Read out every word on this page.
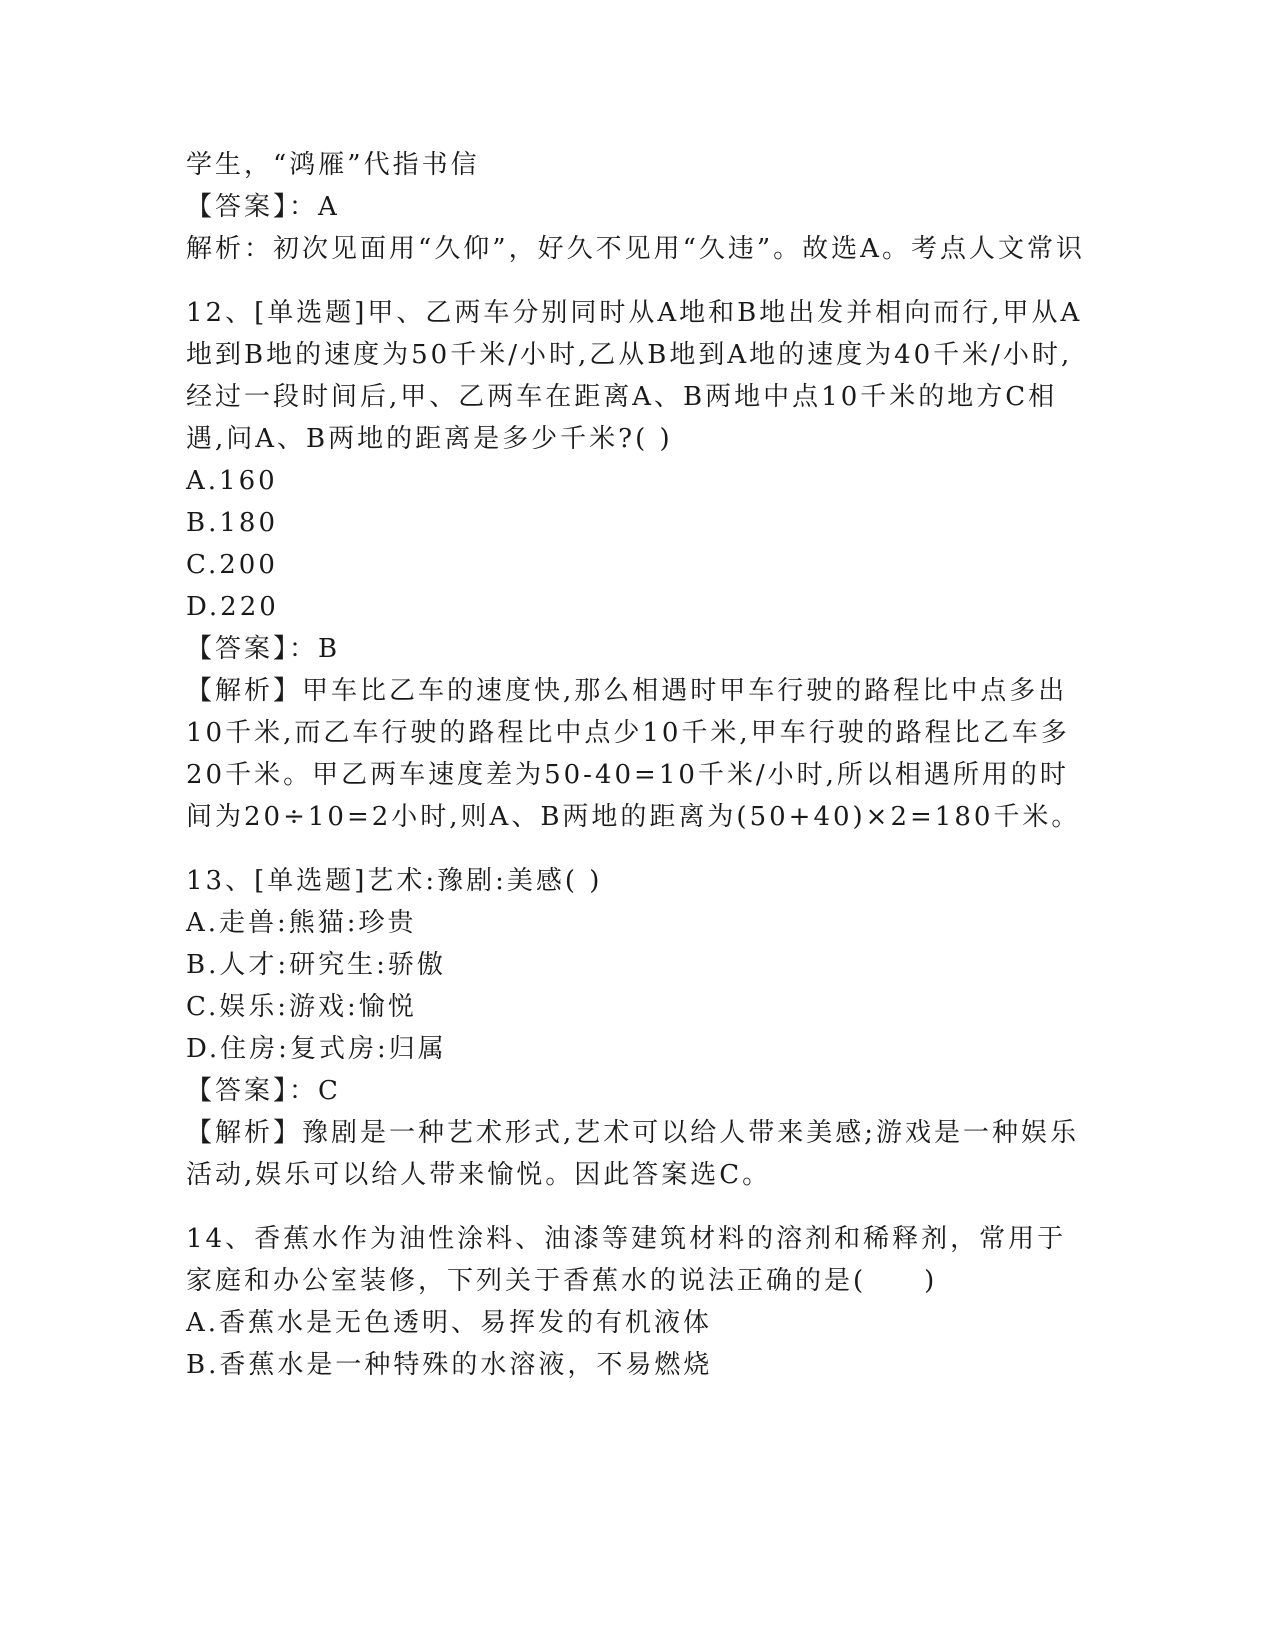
学生，“鸿雁”代指书信

【答案】：A

解析：初次见面用“久仰”，好久不见用“久违”。故选A。考点人文常识

12、[单选题]甲、乙两车分别同时从A地和B地出发并相向而行,甲从A地到B地的速度为50千米/小时,乙从B地到A地的速度为40千米/小时,经过一段时间后,甲、乙两车在距离A、B两地中点10千米的地方C相遇,问A、B两地的距离是多少千米?( )

A.160

B.180

C.200

D.220

【答案】：B

【解析】甲车比乙车的速度快,那么相遇时甲车行驶的路程比中点多出10千米,而乙车行驶的路程比中点少10千米,甲车行驶的路程比乙车多20千米。甲乙两车速度差为50-40=10千米/小时,所以相遇所用的时间为20÷10=2小时,则A、B两地的距离为(50+40)×2=180千米。

13、[单选题]艺术:豫剧:美感( )

A.走兽:熊猫:珍贵

B.人才:研究生:骄傲

C.娱乐:游戏:愉悦

D.住房:复式房:归属

【答案】：C

【解析】豫剧是一种艺术形式,艺术可以给人带来美感;游戏是一种娱乐活动,娱乐可以给人带来愉悦。因此答案选C。

14、香蕉水作为油性涂料、油漆等建筑材料的溶剂和稀释剂，常用于家庭和办公室装修，下列关于香蕉水的说法正确的是(　　)

A.香蕉水是无色透明、易挥发的有机液体

B.香蕉水是一种特殊的水溶液，不易燃烧
